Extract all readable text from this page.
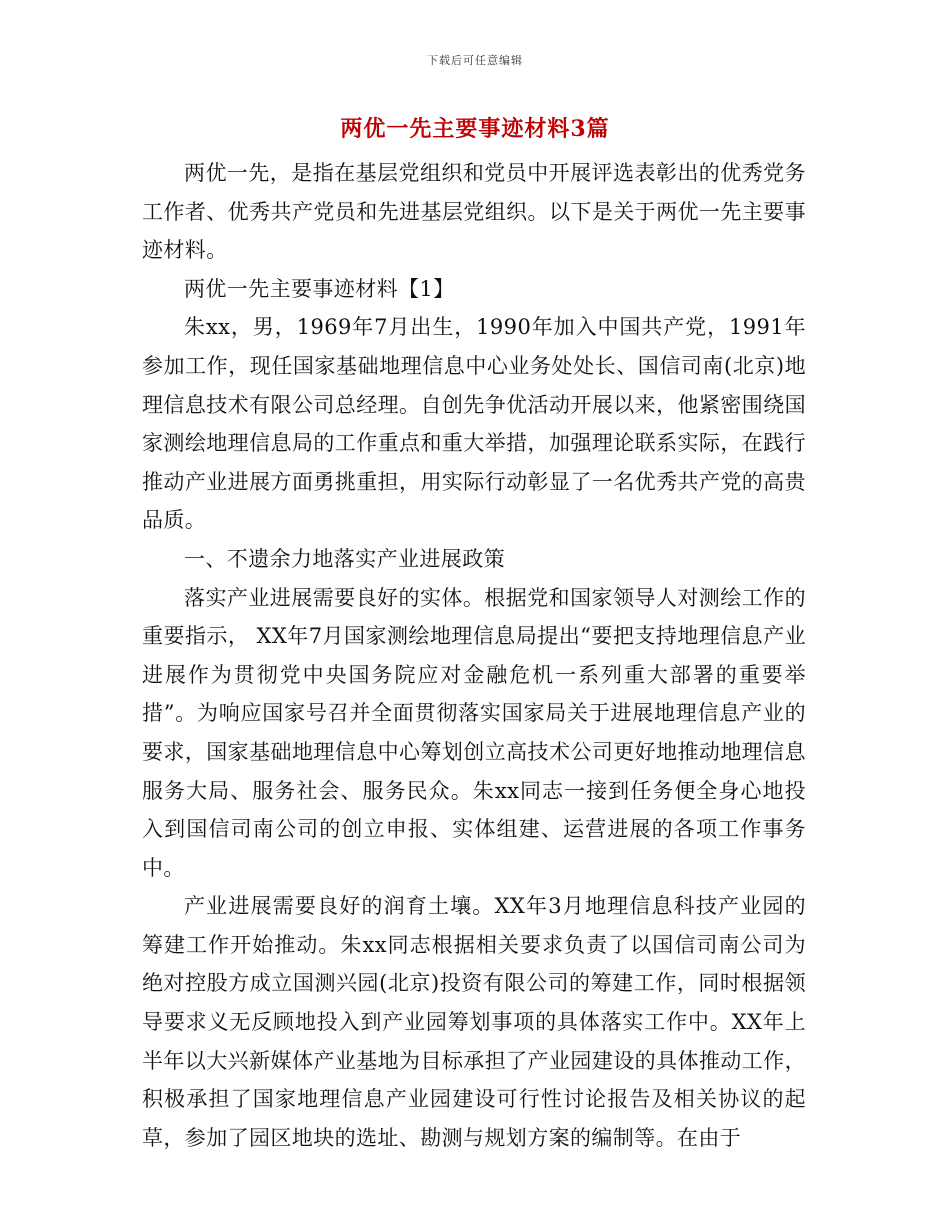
下载后可任意编辑
两优一先主要事迹材料3篇

两优一先，是指在基层党组织和党员中开展评选表彰出的优秀党务工作者、优秀共产党员和先进基层党组织。以下是关于两优一先主要事迹材料。

两优一先主要事迹材料【1】

朱xx，男，1969年7月出生，1990年加入中国共产党，1991年参加工作，现任国家基础地理信息中心业务处处长、国信司南(北京)地理信息技术有限公司总经理。自创先争优活动开展以来，他紧密围绕国家测绘地理信息局的工作重点和重大举措，加强理论联系实际，在践行推动产业进展方面勇挑重担，用实际行动彰显了一名优秀共产党的高贵品质。

一、不遗余力地落实产业进展政策

落实产业进展需要良好的实体。根据党和国家领导人对测绘工作的重要指示， XX年7月国家测绘地理信息局提出“要把支持地理信息产业进展作为贯彻党中央国务院应对金融危机一系列重大部署的重要举措”。为响应国家号召并全面贯彻落实国家局关于进展地理信息产业的要求，国家基础地理信息中心筹划创立高技术公司更好地推动地理信息服务大局、服务社会、服务民众。朱xx同志一接到任务便全身心地投入到国信司南公司的创立申报、实体组建、运营进展的各项工作事务中。

产业进展需要良好的润育土壤。XX年3月地理信息科技产业园的筹建工作开始推动。朱xx同志根据相关要求负责了以国信司南公司为绝对控股方成立国测兴园(北京)投资有限公司的筹建工作，同时根据领导要求义无反顾地投入到产业园筹划事项的具体落实工作中。XX年上半年以大兴新媒体产业基地为目标承担了产业园建设的具体推动工作，积极承担了国家地理信息产业园建设可行性讨论报告及相关协议的起草，参加了园区地块的选址、勘测与规划方案的编制等。在由于
